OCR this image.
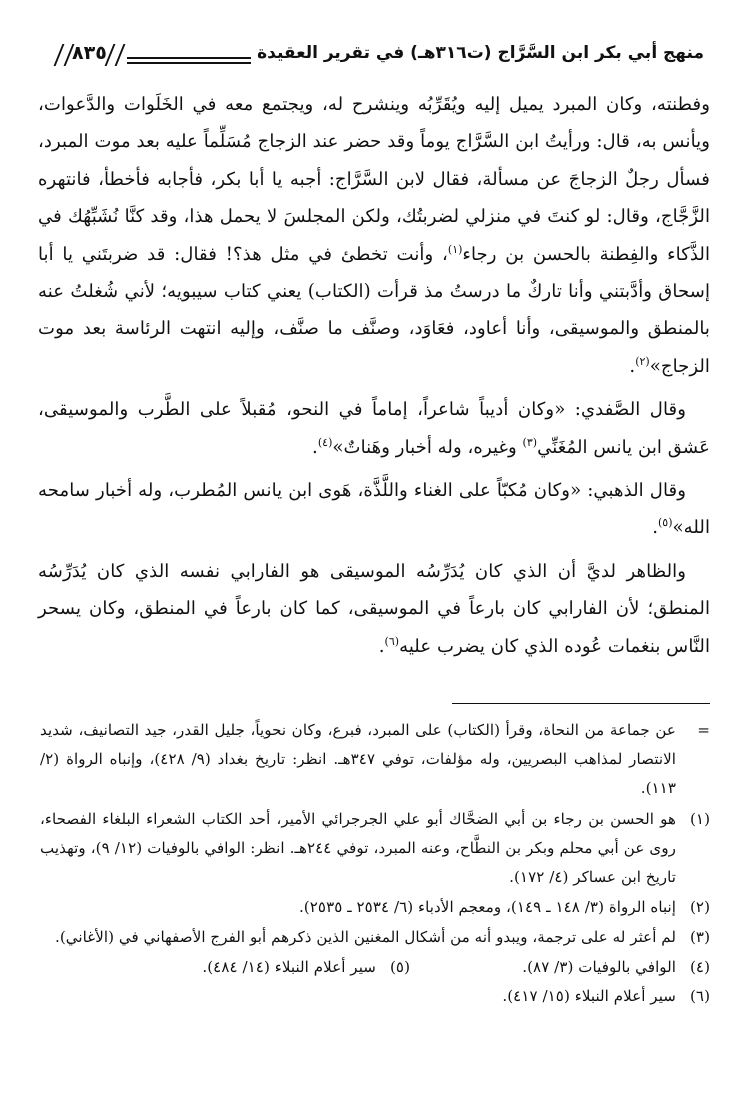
منهج أبي بكر ابن السَّرَّاج (ت٣١٦هـ) في تقرير العقيدة
٨٣٥

وفطنته، وكان المبرد يميل إليه ويُقَرِّبُه وينشرح له، ويجتمع معه في الخَلَوات والدَّعوات، ويأنس به، قال: ورأيتُ ابن السَّرَّاج يوماً وقد حضر عند الزجاج مُسَلِّماً عليه بعد موت المبرد، فسأل رجلٌ الزجاجَ عن مسألة، فقال لابن السَّرَّاج: أجبه يا أبا بكر، فأجابه فأخطأ، فانتهره الزَّجَّاج، وقال: لو كنتَ في منزلي لضربتُك، ولكن المجلسَ لا يحمل هذا، وقد كنَّا نُشَبِّهُك في الذَّكاء والفِطنة بالحسن بن رجاء$^{(١)}$، وأنت تخطئ في مثل هذ؟! فقال: قد ضربتَني يا أبا إسحاق وأدَّبتني وأنا تاركٌ ما درستُ مذ قرأت (الكتاب) يعني كتاب سيبويه؛ لأني شُغلتُ عنه بالمنطق والموسيقى، وأنا أعاود، فعَاوَد، وصنَّف ما صنَّف، وإليه انتهت الرئاسة بعد موت الزجاج»$^{(٢)}$.

وقال الصَّفدي: «وكان أديباً شاعراً، إماماً في النحو، مُقبلاً على الطَّرب والموسيقى، عَشق ابن يانس المُغَنِّي$^{(٣)}$ وغيره، وله أخبار وهَناتٌ»$^{(٤)}$.

وقال الذهبي: «وكان مُكبّاً على الغناء واللَّذَّة، هَوى ابن يانس المُطرب، وله أخبار سامحه الله»$^{(٥)}$.

والظاهر لديَّ أن الذي كان يُدَرِّسُه الموسيقى هو الفارابي نفسه الذي كان يُدَرِّسُه المنطق؛ لأن الفارابي كان بارعاً في الموسيقى، كما كان بارعاً في المنطق، وكان يسحر النَّاس بنغمات عُوده الذي كان يضرب عليه$^{(٦)}$.

=
عن جماعة من النحاة، وقرأ (الكتاب) على المبرد، فبرع، وكان نحوياً، جليل القدر، جيد التصانيف، شديد الانتصار لمذاهب البصريين، وله مؤلفات، توفي ٣٤٧هـ. انظر: تاريخ بغداد (٩/ ٤٢٨)، وإنباه الرواة (٢/ ١١٣).
(١)
هو الحسن بن رجاء بن أبي الضحَّاك أبو علي الجرجرائي الأمير، أحد الكتاب الشعراء البلغاء الفصحاء، روى عن أبي محلم وبكر بن النطَّاح، وعنه المبرد، توفي ٢٤٤هـ. انظر: الوافي بالوفيات (١٢/ ٩)، وتهذيب تاريخ ابن عساكر (٤/ ١٧٢).
(٢)
إنباه الرواة (٣/ ١٤٨ ـ ١٤٩)، ومعجم الأدباء (٦/ ٢٥٣٤ ـ ٢٥٣٥).
(٣)
لم أعثر له على ترجمة، ويبدو أنه من أشكال المغنين الذين ذكرهم أبو الفرج الأصفهاني في (الأغاني).
(٤)
الوافي بالوفيات (٣/ ٨٧).
(٥)
سير أعلام النبلاء (١٤/ ٤٨٤).
(٦)
سير أعلام النبلاء (١٥/ ٤١٧).
